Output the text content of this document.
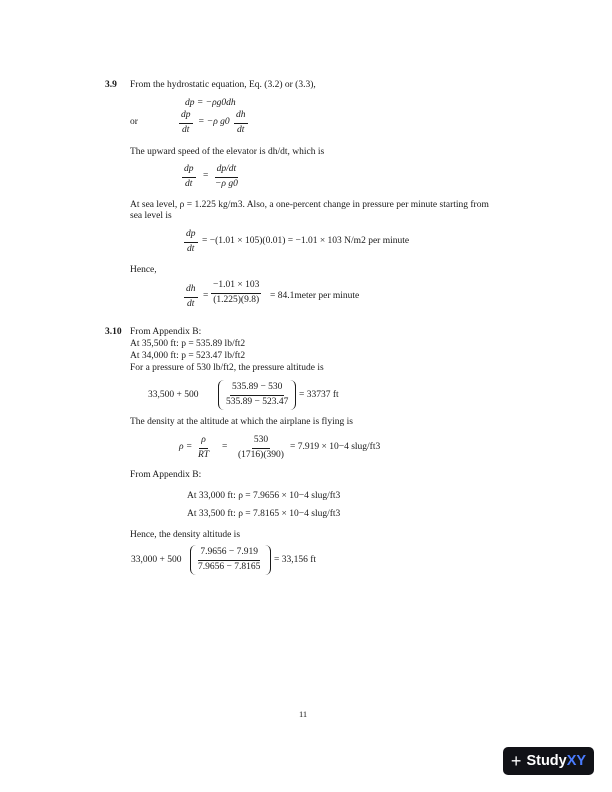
3.9 From the hydrostatic equation, Eq. (3.2) or (3.3),
dp = −ρg0dh
or	$\frac{dp}{dt} = -\rho$ $g0 \frac{dh}{dt}$
The upward speed of the elevator is dh/dt, which is
$\frac{dp}{dt} = \frac{dp/dt}{\text{−ρ g0}}$
At sea level, ρ = 1.225 kg/m3. Also, a one-percent change in pressure per minute starting from
sea level is
$\frac{dp}{dt} = -(1.01 \times 105)(0.01) = -1.01 \times 103$ N/m2 per minute
Hence,
$\frac{dh}{dt} = \frac{-1.01 \times 103}{(1.225)(9.8)}$ = 84.1meter per minute
3.10 From Appendix B:
At 35,500 ft: p = 535.89 lb/ft2
At 34,000 ft: p = 523.47 lb/ft2
For a pressure of 530 lb/ft2, the pressure altitude is
33,500 + 500	$\frac{535.89 - 530}{535.89 - 523.47} = 33737$ ft
The density at the altitude at which the airplane is flying is
$\rho = \frac{\rho}{RT} = \frac{530}{(1716)(390)} = 7.919 \times 10-4$ slug/ft3
From Appendix B:
At 33,000 ft: ρ = 7.9656 × 10−4 slug/ft3
At 33,500 ft: ρ = 7.8165 × 10−4 slug/ft3
Hence, the density altitude is
$33,000 + 500 \frac{7.9656 - 7.919}{7.9656 - 7.8165} = 33,156$ ft
11
+ Study XY
